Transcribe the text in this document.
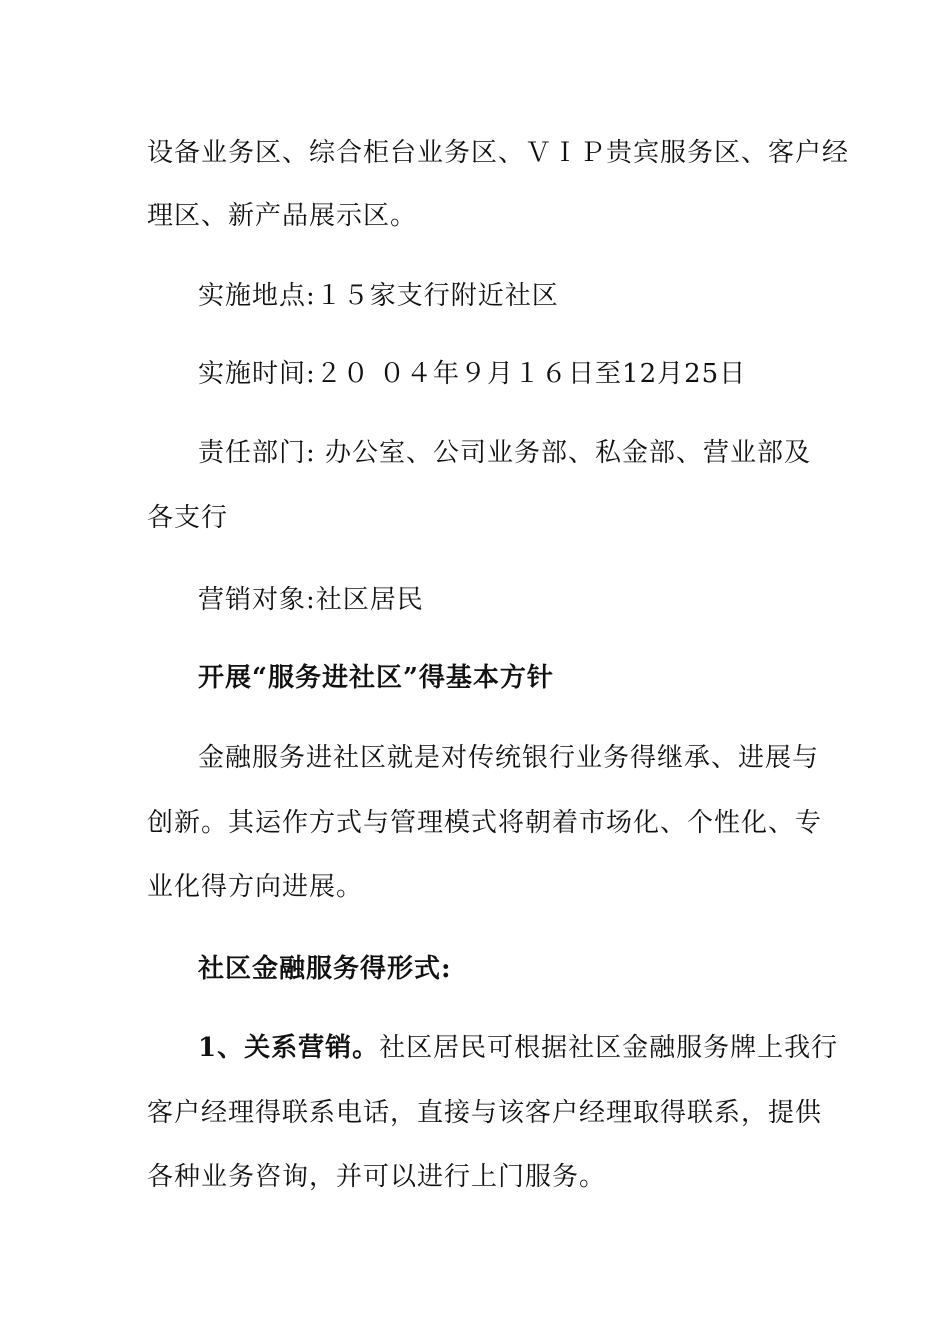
设备业务区、综合柜台业务区、ＶＩＰ贵宾服务区、客户经
理区、新产品展示区。
实施地点:１５家支行附近社区
实施时间:２０ ０４年９月１６日至12月25日
责任部门: 办公室、公司业务部、私金部、营业部及
各支行
营销对象:社区居民
开展“服务进社区”得基本方针
金融服务进社区就是对传统银行业务得继承、进展与
创新。其运作方式与管理模式将朝着市场化、个性化、专
业化得方向进展。
社区金融服务得形式:
1、关系营销。社区居民可根据社区金融服务牌上我行
客户经理得联系电话，直接与该客户经理取得联系，提供
各种业务咨询，并可以进行上门服务。
